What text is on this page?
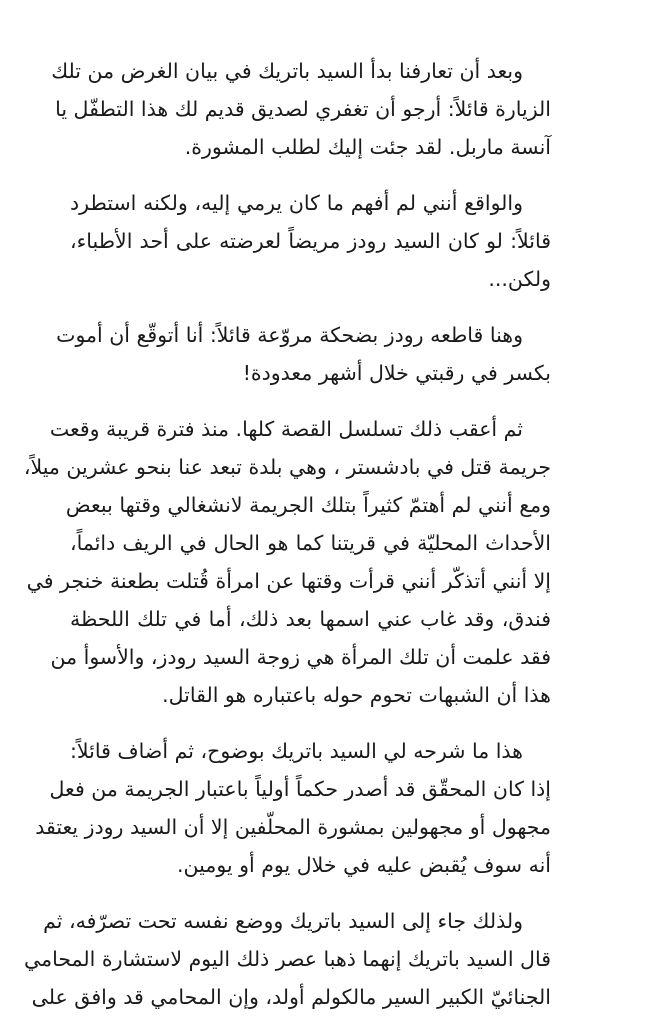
وبعد أن تعارفنا بدأ السيد باتريك في بيان الغرض من تلك
الزيارة قائلاً: أرجو أن تغفري لصديق قديم لك هذا التطفّل يا
آنسة ماربل. لقد جئت إليك لطلب المشورة.

والواقع أنني لم أفهم ما كان يرمي إليه، ولكنه استطرد
قائلاً: لو كان السيد رودز مريضاً لعرضته على أحد الأطباء،
ولكن...

وهنا قاطعه رودز بضحكة مروّعة قائلاً: أنا أتوقّع أن أموت
بكسر في رقبتي خلال أشهر معدودة!

ثم أعقب ذلك تسلسل القصة كلها. منذ فترة قريبة وقعت
جريمة قتل في بادشستر ، وهي بلدة تبعد عنا بنحو عشرين ميلاً،
ومع أنني لم أهتمّ كثيراً بتلك الجريمة لانشغالي وقتها ببعض
الأحداث المحليّة في قريتنا كما هو الحال في الريف دائماً،
إلا أنني أتذكّر أنني قرأت وقتها عن امرأة قُتلت بطعنة خنجر في
فندق، وقد غاب عني اسمها بعد ذلك، أما في تلك اللحظة
فقد علمت أن تلك المرأة هي زوجة السيد رودز، والأسوأ من
هذا أن الشبهات تحوم حوله باعتباره هو القاتل.

هذا ما شرحه لي السيد باتريك بوضوح، ثم أضاف قائلاً:
إذا كان المحقّق قد أصدر حكماً أولياً باعتبار الجريمة من فعل
مجهول أو مجهولين بمشورة المحلّفين إلا أن السيد رودز يعتقد
أنه سوف يُقبض عليه في خلال يوم أو يومين.

ولذلك جاء إلى السيد باتريك ووضع نفسه تحت تصرّفه، ثم
قال السيد باتريك إنهما ذهبا عصر ذلك اليوم لاستشارة المحامي
الجنائيّ الكبير السير مالكولم أولد، وإن المحامي قد وافق على
